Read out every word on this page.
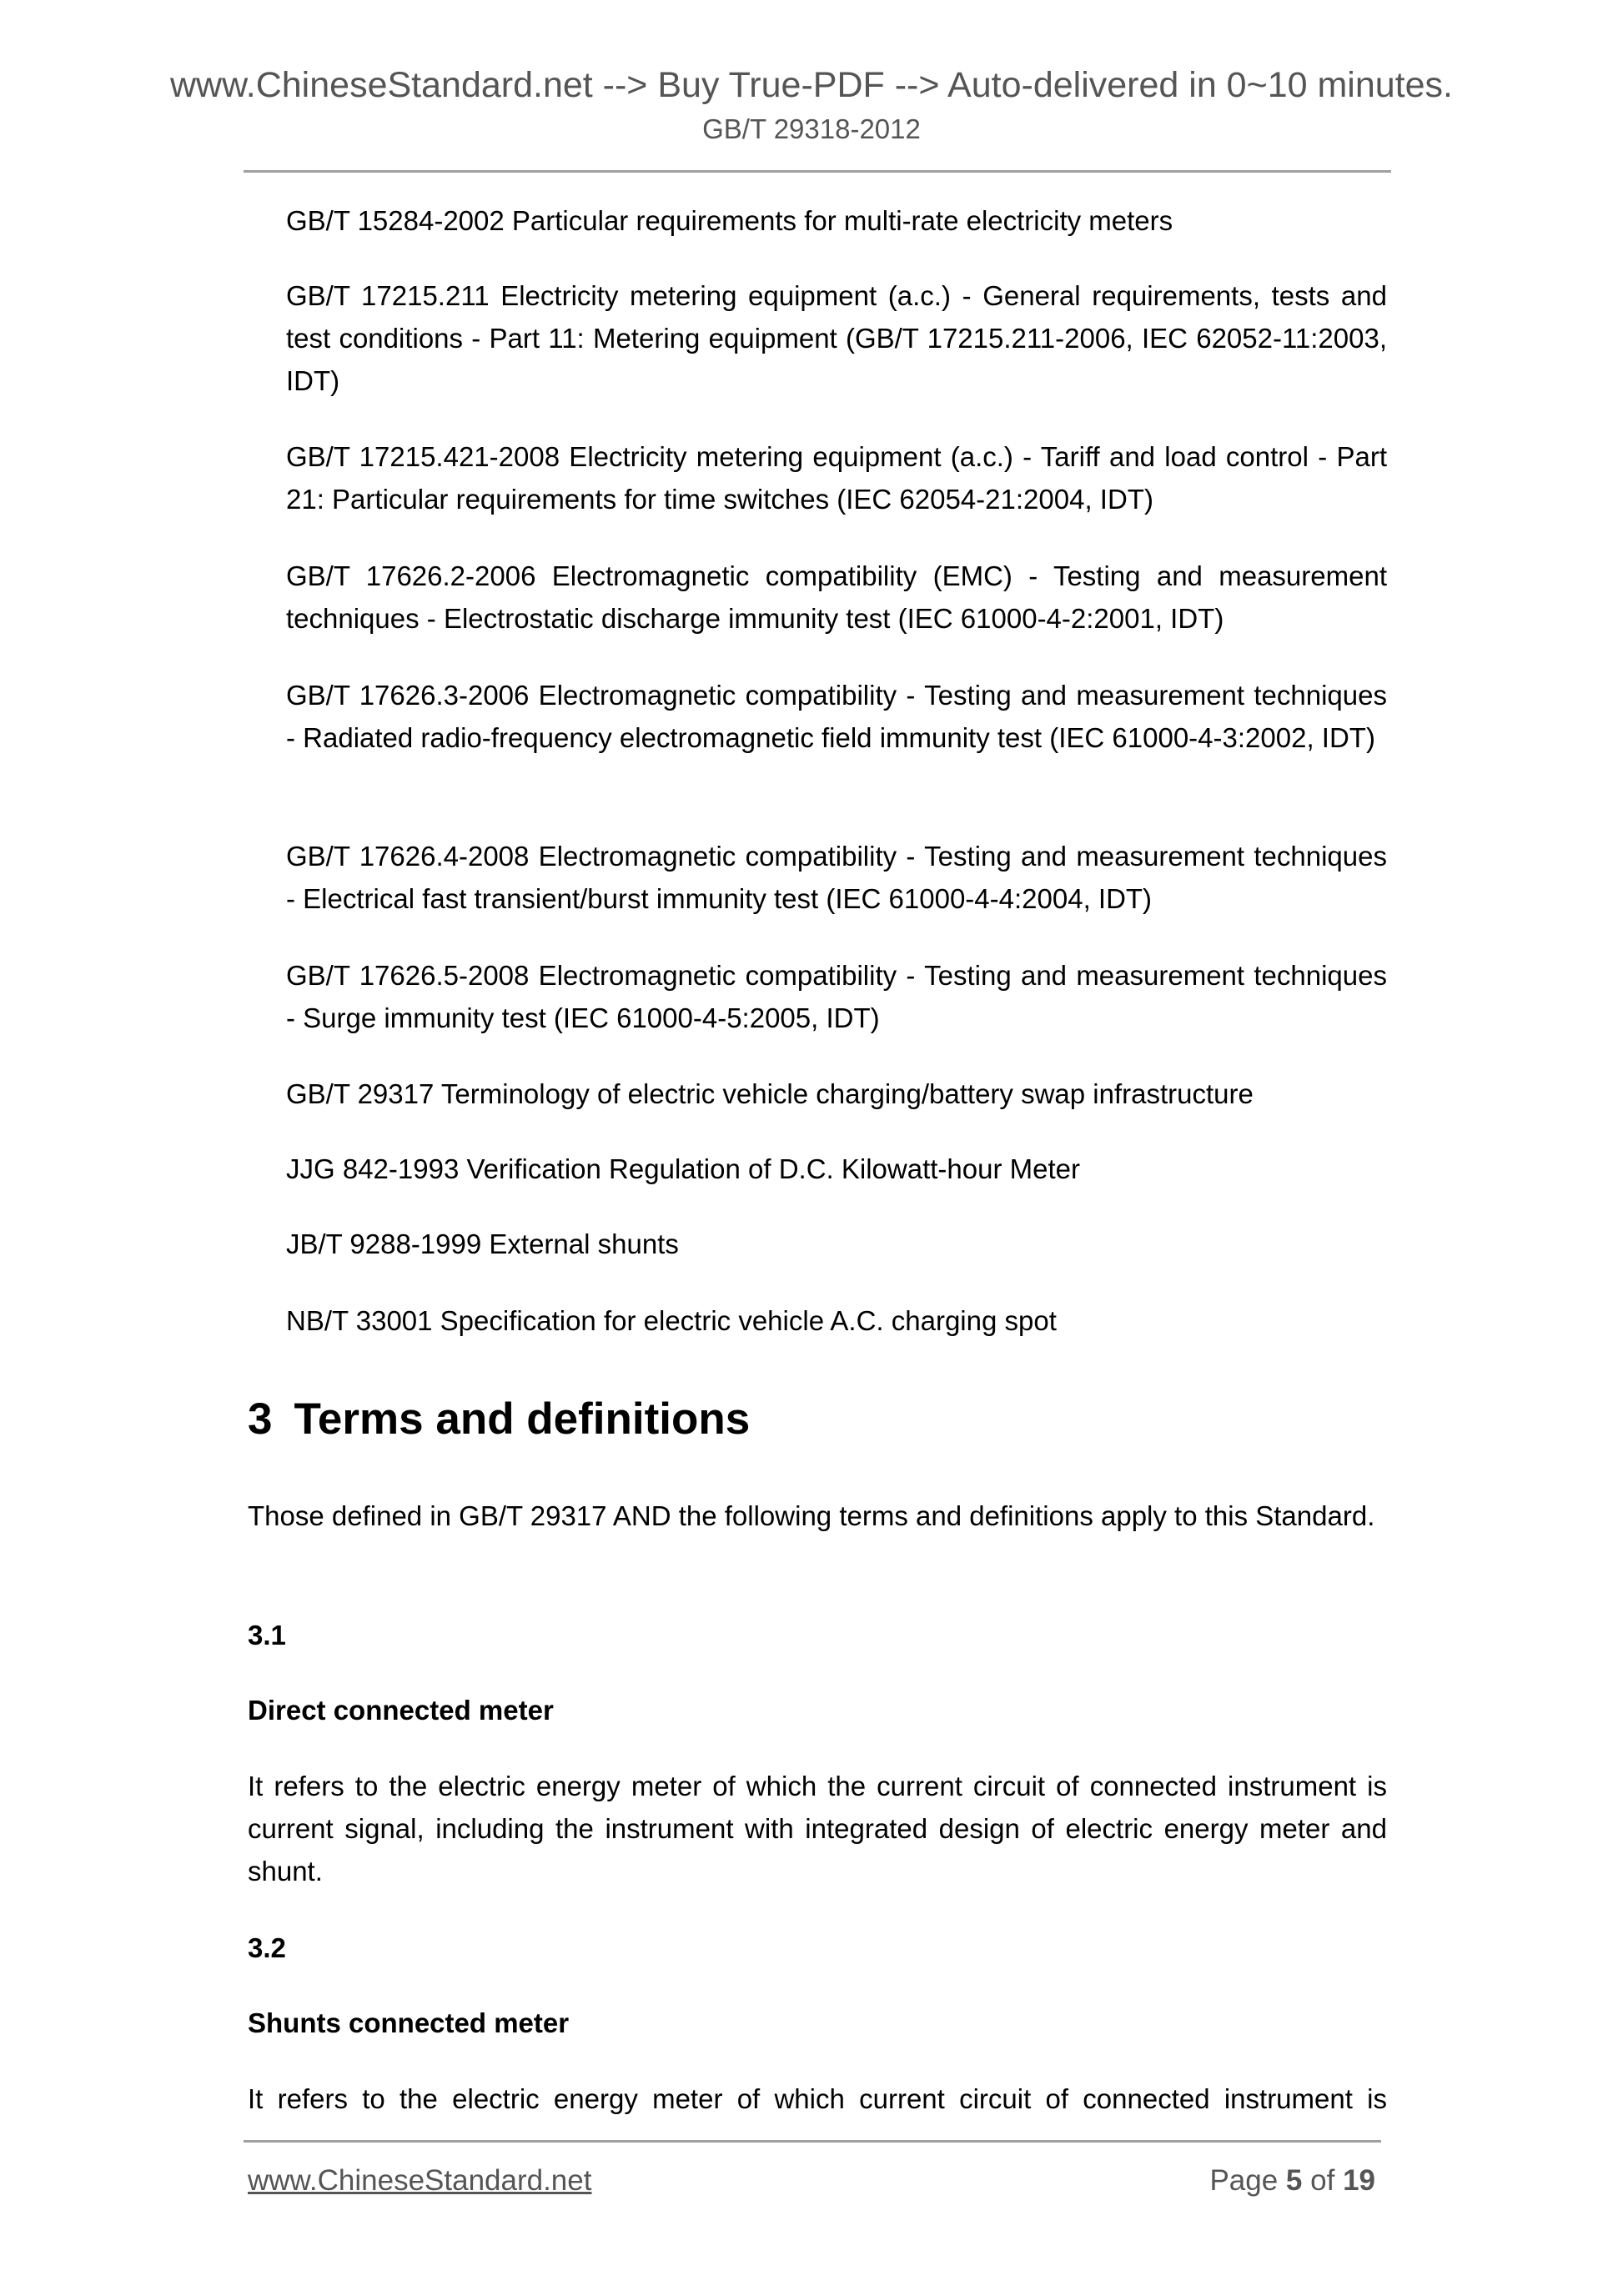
www.ChineseStandard.net --> Buy True-PDF --> Auto-delivered in 0~10 minutes.
GB/T 29318-2012
GB/T 15284-2002 Particular requirements for multi-rate electricity meters
GB/T 17215.211 Electricity metering equipment (a.c.) - General requirements, tests and test conditions - Part 11: Metering equipment (GB/T 17215.211-2006, IEC 62052-11:2003, IDT)
GB/T 17215.421-2008 Electricity metering equipment (a.c.) - Tariff and load control - Part 21: Particular requirements for time switches (IEC 62054-21:2004, IDT)
GB/T 17626.2-2006 Electromagnetic compatibility (EMC) - Testing and measurement techniques - Electrostatic discharge immunity test (IEC 61000-4-2:2001, IDT)
GB/T 17626.3-2006 Electromagnetic compatibility - Testing and measurement techniques - Radiated radio-frequency electromagnetic field immunity test (IEC 61000-4-3:2002, IDT)
GB/T 17626.4-2008 Electromagnetic compatibility - Testing and measurement techniques - Electrical fast transient/burst immunity test (IEC 61000-4-4:2004, IDT)
GB/T 17626.5-2008 Electromagnetic compatibility - Testing and measurement techniques - Surge immunity test (IEC 61000-4-5:2005, IDT)
GB/T 29317 Terminology of electric vehicle charging/battery swap infrastructure
JJG 842-1993 Verification Regulation of D.C. Kilowatt-hour Meter
JB/T 9288-1999 External shunts
NB/T 33001 Specification for electric vehicle A.C. charging spot
3 Terms and definitions
Those defined in GB/T 29317 AND the following terms and definitions apply to this Standard.
3.1
Direct connected meter
It refers to the electric energy meter of which the current circuit of connected instrument is current signal, including the instrument with integrated design of electric energy meter and shunt.
3.2
Shunts connected meter
It refers to the electric energy meter of which current circuit of connected instrument is
www.ChineseStandard.net	Page 5 of 19
